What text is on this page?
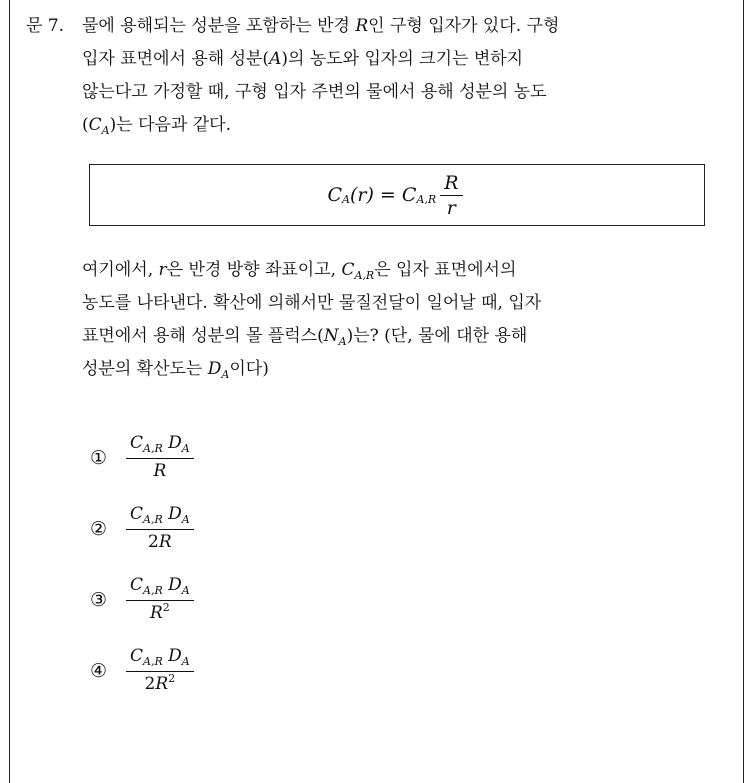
문 7. 물에 용해되는 성분을 포함하는 반경 R인 구형 입자가 있다. 구형
입자 표면에서 용해 성분(A)의 농도와 입자의 크기는 변하지
않는다고 가정할 때, 구형 입자 주변의 물에서 용해 성분의 농도
$(C_A)$는 다음과 같다.
C A (r) = C $A,R \frac{R}{r}$
여기에서, r은 반경 방향 좌표이고, $C_{A,R}$은 입자 표면에서의
농도를 나타낸다. 확산에 의해서만 물질전달이 일어날 때, 입자
표면에서 용해 성분의 몰 플럭스$(N_A)$는? (단, 물에 대한 용해
성분의 확산도는 $D_A$이다)
①	$\frac{C_{A,R} D_A}{R}$
②	$\frac{C_{A,R} D_A}{2R}$
③	$\frac{C_{A,R} D_A}{R^2}$
④	$\frac{C_{A,R} D_A}{2R^2}$
